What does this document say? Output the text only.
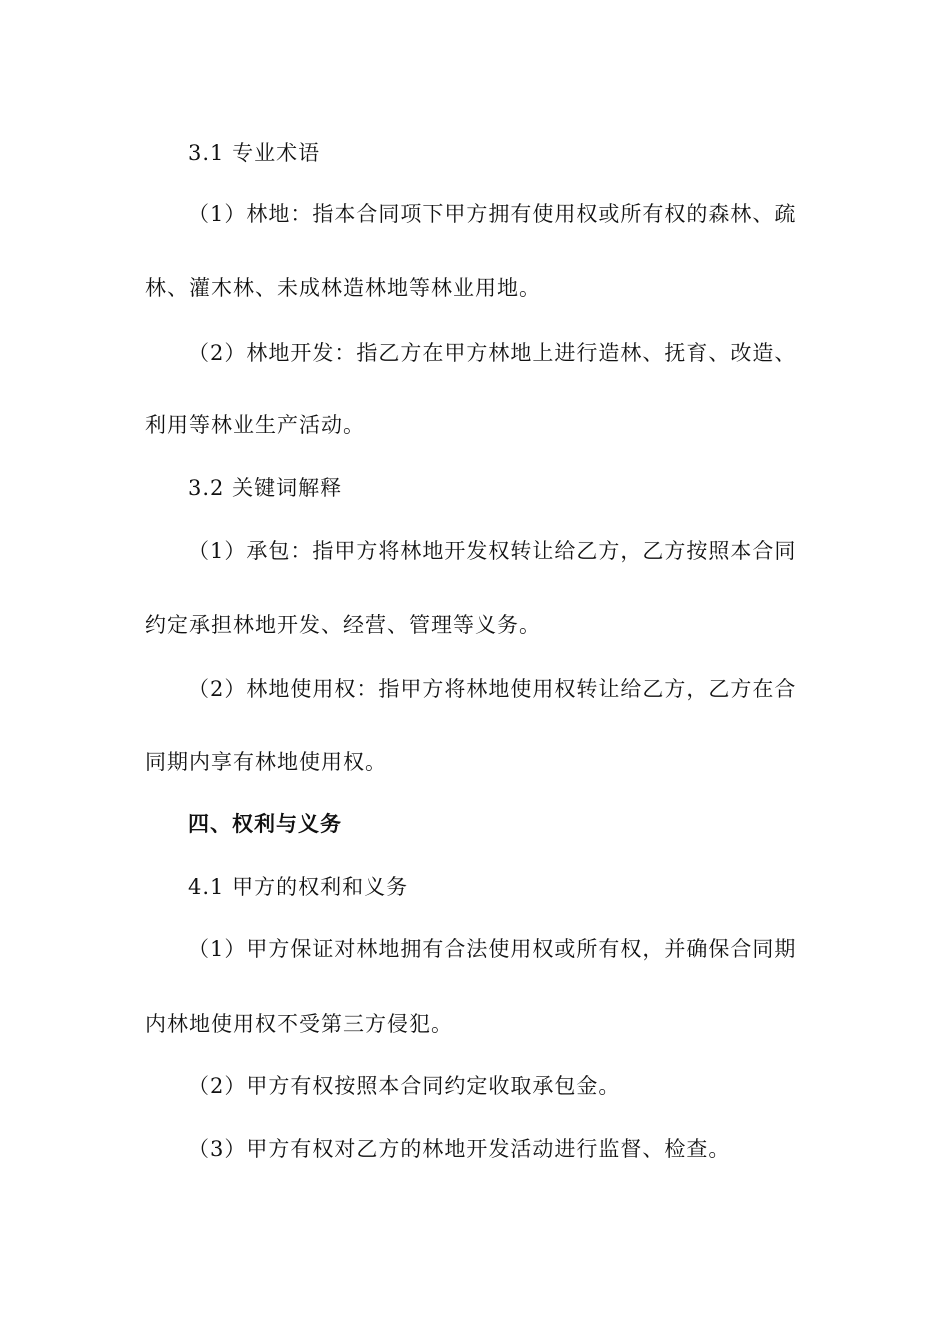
3.1 专业术语
（1）林地：指本合同项下甲方拥有使用权或所有权的森林、疏
林、灌木林、未成林造林地等林业用地。
（2）林地开发：指乙方在甲方林地上进行造林、抚育、改造、
利用等林业生产活动。
3.2 关键词解释
（1）承包：指甲方将林地开发权转让给乙方，乙方按照本合同
约定承担林地开发、经营、管理等义务。
（2）林地使用权：指甲方将林地使用权转让给乙方，乙方在合
同期内享有林地使用权。
四、权利与义务
4.1 甲方的权利和义务
（1）甲方保证对林地拥有合法使用权或所有权，并确保合同期
内林地使用权不受第三方侵犯。
（2）甲方有权按照本合同约定收取承包金。
（3）甲方有权对乙方的林地开发活动进行监督、检查。
